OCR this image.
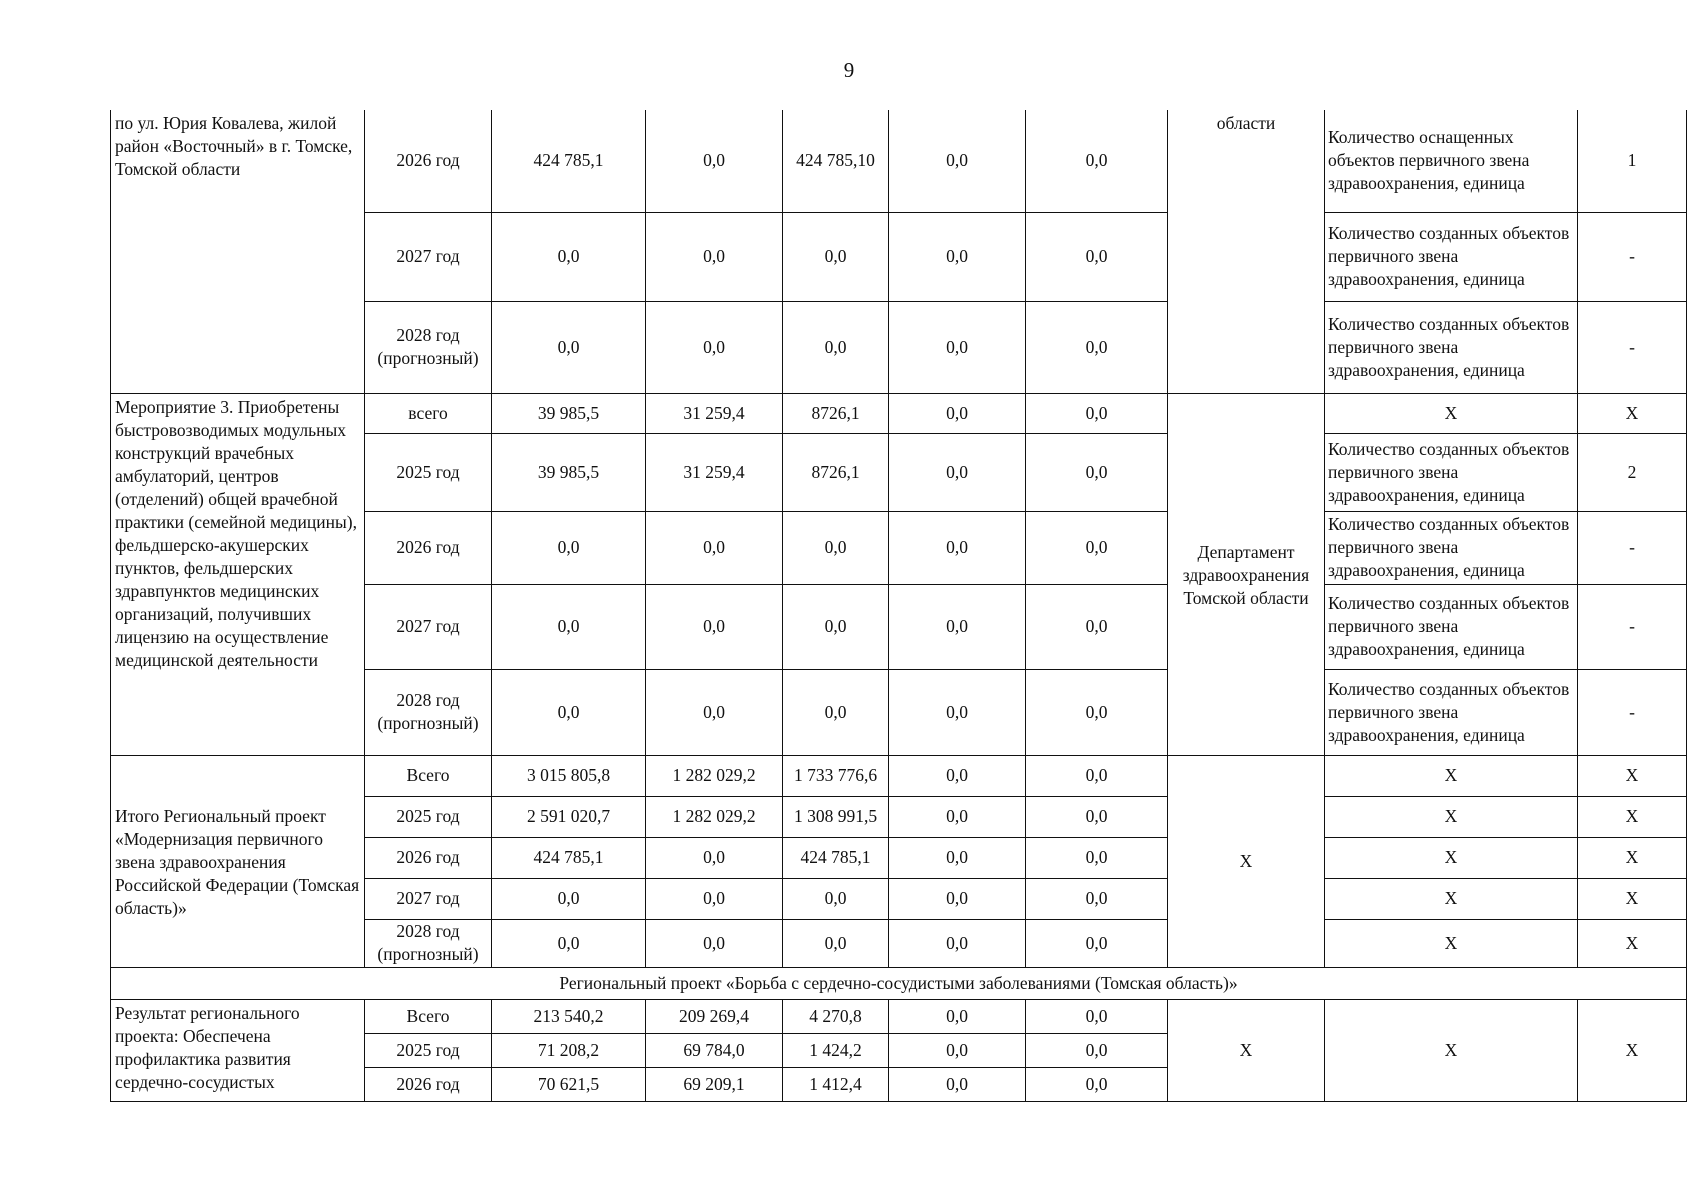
9
по ул. Юрия Ковалева, жилой район «Восточный» в г. Томске, Томской области	2026 год	424 785,1	0,0	424 785,10	0,0	0,0	области	Количество оснащенных объектов первичного звена здравоохранения, единица	1
	2027 год	0,0	0,0	0,0	0,0	0,0		Количество созданных объектов первичного звена здравоохранения, единица	-
	2028 год (прогнозный)	0,0	0,0	0,0	0,0	0,0		Количество созданных объектов первичного звена здравоохранения, единица	-
Мероприятие 3. Приобретены быстровозводимых модульных конструкций врачебных амбулаторий, центров (отделений) общей врачебной практики (семейной медицины), фельдшерско-акушерских пунктов, фельдшерских здравпунктов медицинских организаций, получивших лицензию на осуществление медицинской деятельности	всего	39 985,5	31 259,4	8726,1	0,0	0,0	Департамент здравоохранения Томской области	X	X
	2025 год	39 985,5	31 259,4	8726,1	0,0	0,0		Количество созданных объектов первичного звена здравоохранения, единица	2
	2026 год	0,0	0,0	0,0	0,0	0,0		Количество созданных объектов первичного звена здравоохранения, единица	-
	2027 год	0,0	0,0	0,0	0,0	0,0		Количество созданных объектов первичного звена здравоохранения, единица	-
	2028 год (прогнозный)	0,0	0,0	0,0	0,0	0,0		Количество созданных объектов первичного звена здравоохранения, единица	-
Итого Региональный проект «Модернизация первичного звена здравоохранения Российской Федерации (Томская область)»	Всего	3 015 805,8	1 282 029,2	1 733 776,6	0,0	0,0	X	X	X
	2025 год	2 591 020,7	1 282 029,2	1 308 991,5	0,0	0,0		X	X
	2026 год	424 785,1	0,0	424 785,1	0,0	0,0		X	X
	2027 год	0,0	0,0	0,0	0,0	0,0		X	X
	2028 год (прогнозный)	0,0	0,0	0,0	0,0	0,0		X	X
Региональный проект «Борьба с сердечно-сосудистыми заболеваниями (Томская область)»									
Результат регионального проекта: Обеспечена профилактика развития сердечно-сосудистых	Всего	213 540,2	209 269,4	4 270,8	0,0	0,0	X	X	X
	2025 год	71 208,2	69 784,0	1 424,2	0,0	0,0			
	2026 год	70 621,5	69 209,1	1 412,4	0,0	0,0			
